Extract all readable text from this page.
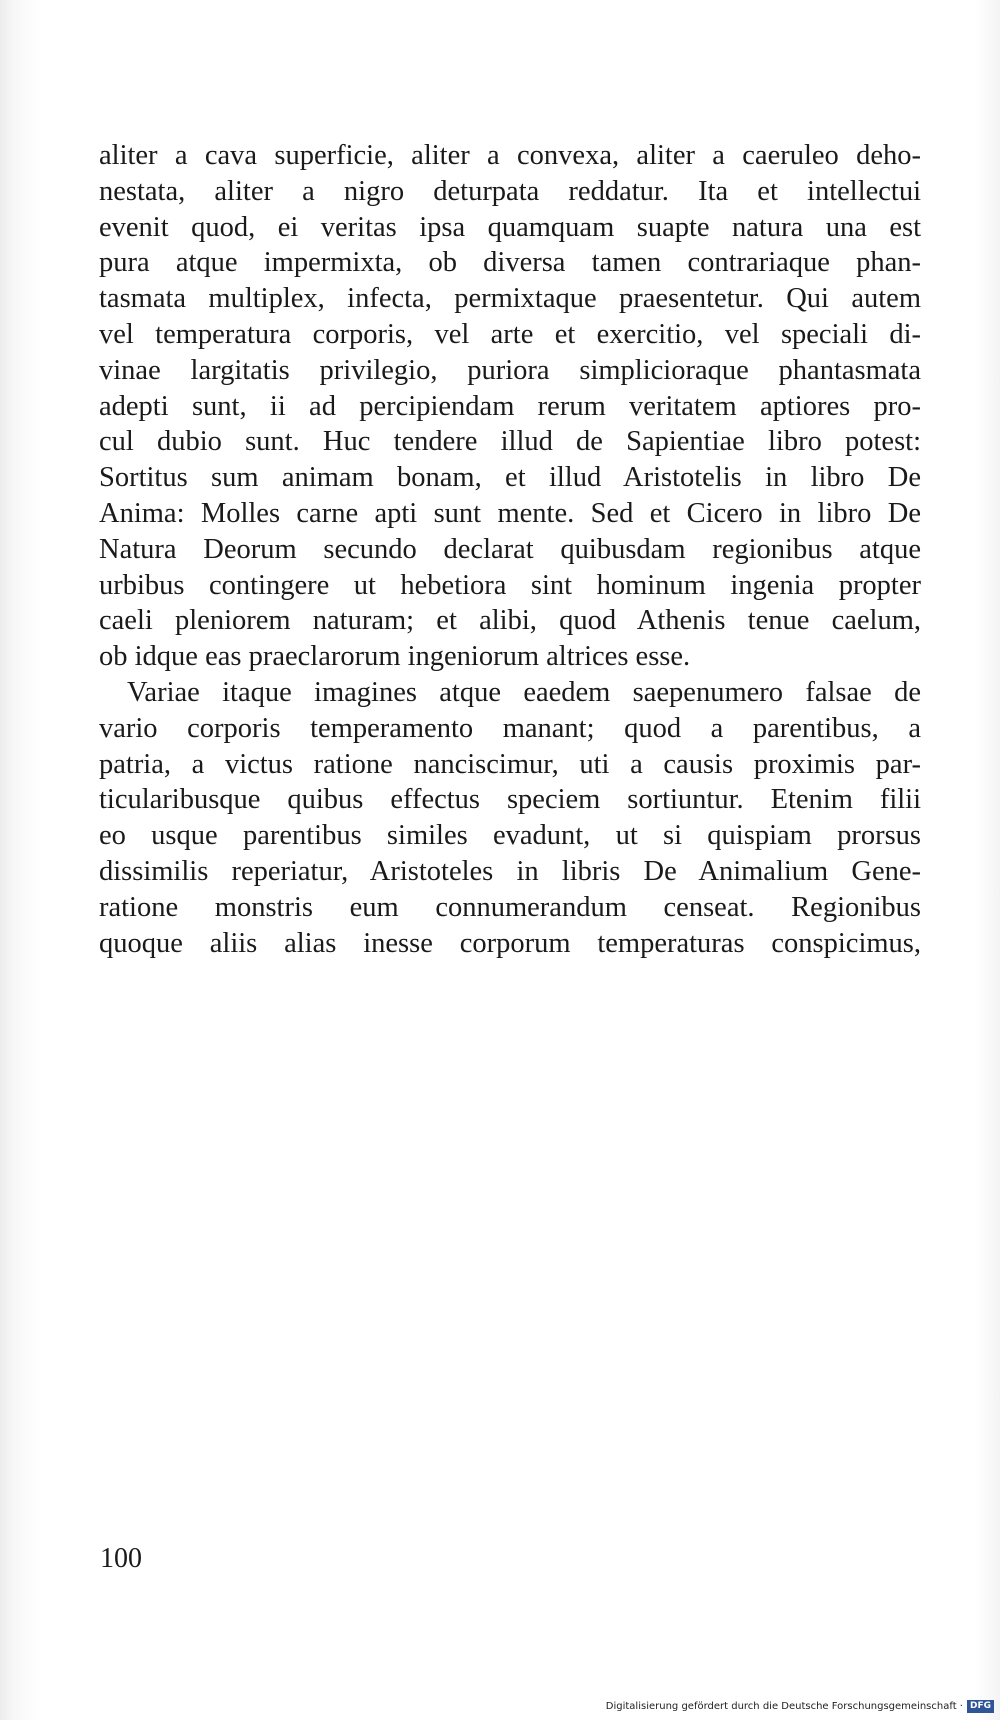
aliter a cava superficie, aliter a convexa, aliter a caeruleo deho-
nestata, aliter a nigro deturpata reddatur. Ita et intellectui
evenit quod, ei veritas ipsa quamquam suapte natura una est
pura atque impermixta, ob diversa tamen contrariaque phan-
tasmata multiplex, infecta, permixtaque praesentetur. Qui autem
vel temperatura corporis, vel arte et exercitio, vel speciali di-
vinae largitatis privilegio, puriora simplicioraque phantasmata
adepti sunt, ii ad percipiendam rerum veritatem aptiores pro-
cul dubio sunt. Huc tendere illud de Sapientiae libro potest:
Sortitus sum animam bonam, et illud Aristotelis in libro De
Anima: Molles carne apti sunt mente. Sed et Cicero in libro De
Natura Deorum secundo declarat quibusdam regionibus atque
urbibus contingere ut hebetiora sint hominum ingenia propter
caeli pleniorem naturam; et alibi, quod Athenis tenue caelum,
ob idque eas praeclarorum ingeniorum altrices esse.
Variae itaque imagines atque eaedem saepenumero falsae de
vario corporis temperamento manant; quod a parentibus, a
patria, a victus ratione nanciscimur, uti a causis proximis par-
ticularibusque quibus effectus speciem sortiuntur. Etenim filii
eo usque parentibus similes evadunt, ut si quispiam prorsus
dissimilis reperiatur, Aristoteles in libris De Animalium Gene-
ratione monstris eum connumerandum censeat. Regionibus
quoque aliis alias inesse corporum temperaturas conspicimus,
100
Digitalisierung gefördert durch die Deutsche Forschungsgemeinschaft · DFG
